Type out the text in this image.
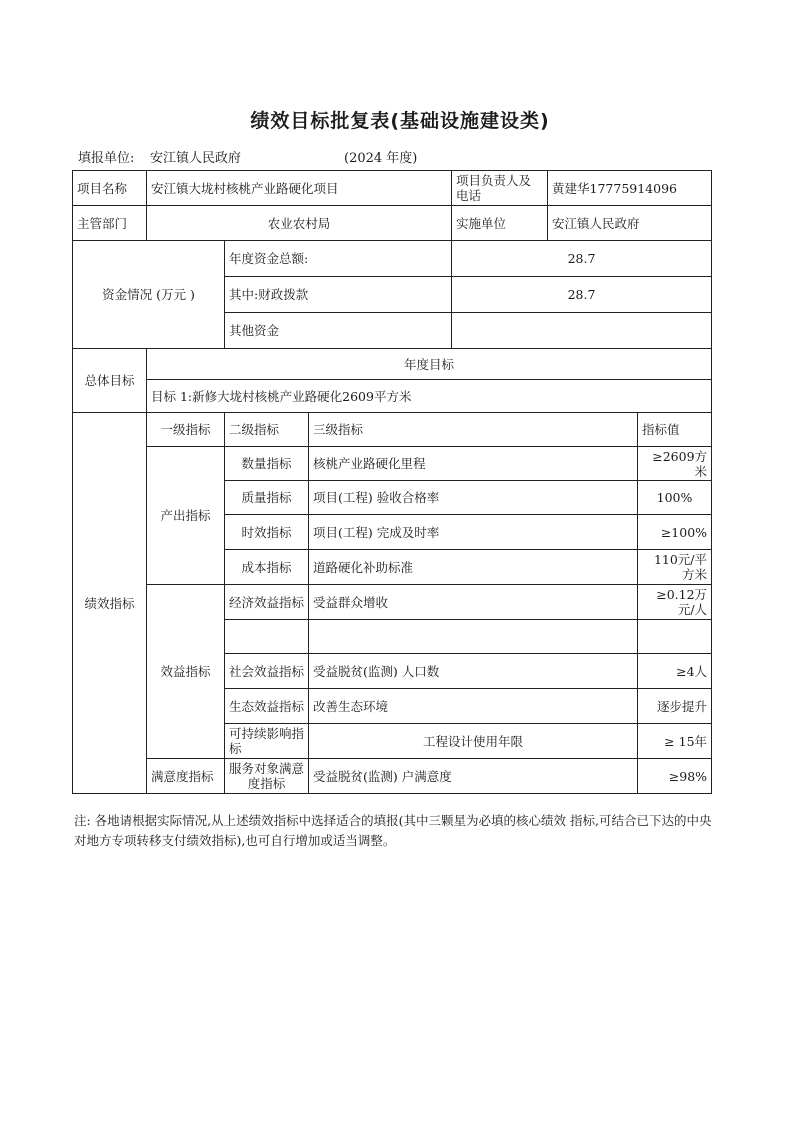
绩效目标批复表(基础设施建设类)
填报单位: 安江镇人民政府	(2024 年度)
项目名称	安江镇大垅村核桃产业路硬化项目			项目负责人及电话	黄建华17775914096	
主管部门	农业农村局			实施单位	安江镇人民政府	
资金情况 (万元 )		年度资金总额:		28.7		
		其中:财政拨款		28.7		
		其他资金				
总体目标	年度目标					
	目标 1:新修大垅村核桃产业路硬化2609平方米					
绩效指标	一级指标	二级指标	三级指标			指标值
	产出指标	数量指标	核桃产业路硬化里程			≥2609方米
		质量指标	项目(工程) 验收合格率			100%
		时效指标	项目(工程) 完成及时率			≥100%
		成本指标	道路硬化补助标准			110元/平方米
	效益指标	经济效益指标	受益群众增收			≥0.12万元/人

		社会效益指标	受益脱贫(监测) 人口数			≥4人
		生态效益指标	改善生态环境			逐步提升
		可持续影响指标	工程设计使用年限			≥ 15年
	满意度指标	服务对象满意度指标	受益脱贫(监测) 户满意度			≥98%
注: 各地请根据实际情况,从上述绩效指标中选择适合的填报(其中三颗星为必填的核心绩效 指标,可结合已下达的中央对地方专项转移支付绩效指标),也可自行增加或适当调整。
